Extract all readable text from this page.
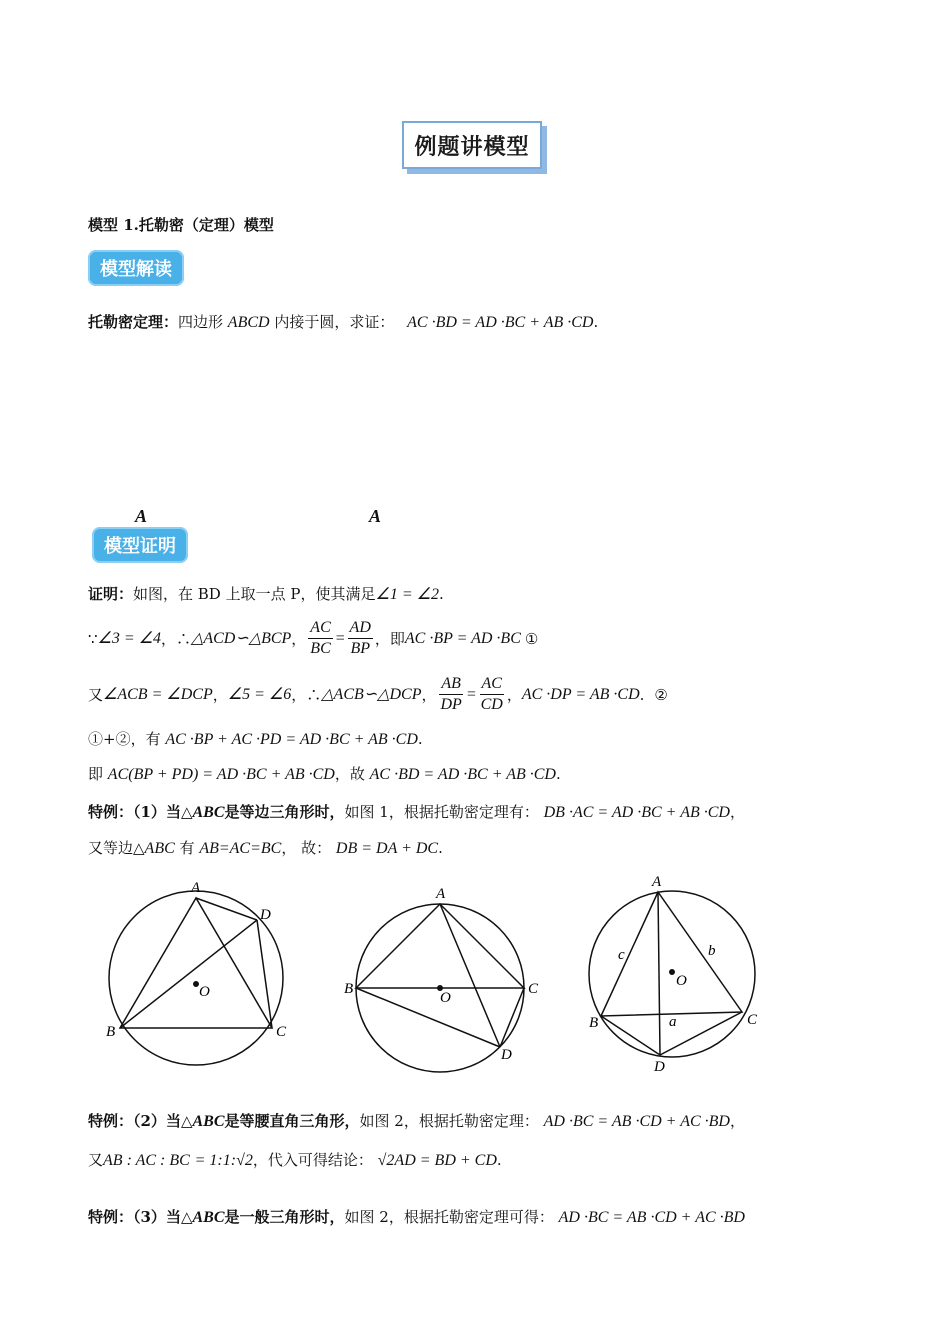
例题讲模型
模型 1.托勒密（定理）模型
模型解读
托勒密定理：四边形 ABCD 内接于圆，求证： AC ·BD = AD ·BC + AB ·CD.
A	A
模型证明
证明：如图，在 BD 上取一点 P，使其满足∠1 = ∠2.
∵ ∠3 = ∠4 ，∴ △ACD∽△BCP ， $\frac{AC}{BC} = \frac{AD}{BP}$ ，即 AC ·BP = AD ·BC ①
又 ∠ACB = ∠DCP ， ∠5 = ∠6 ，∴ △ACB∽△DCP ， $\frac{AB}{DP} = \frac{AC}{CD}$ ， AC ·DP = AB ·CD . ②
①+②，有 AC ·BP + AC ·PD = AD ·BC + AB ·CD.
即 AC(BP + PD) = AD ·BC + AB ·CD，故 AC ·BD = AD ·BC + AB ·CD.
特例：（1）当△ABC是等边三角形时，如图 1，根据托勒密定理有： DB ·AC = AD ·BC + AB ·CD，
又等边△ABC 有 AB=AC=BC， 故： DB = DA + DC.
A
D
B	C
O
A
B	C
D
O
A
B	C
D
O
a
b
c
特例：（2）当△ABC是等腰直角三角形，如图 2，根据托勒密定理： AD ·BC = AB ·CD + AC ·BD，
又AB : AC : BC = 1:1:√2，代入可得结论： √2AD = BD + CD.
特例：（3）当△ABC是一般三角形时，如图 2，根据托勒密定理可得： AD ·BC = AB ·CD + AC ·BD
